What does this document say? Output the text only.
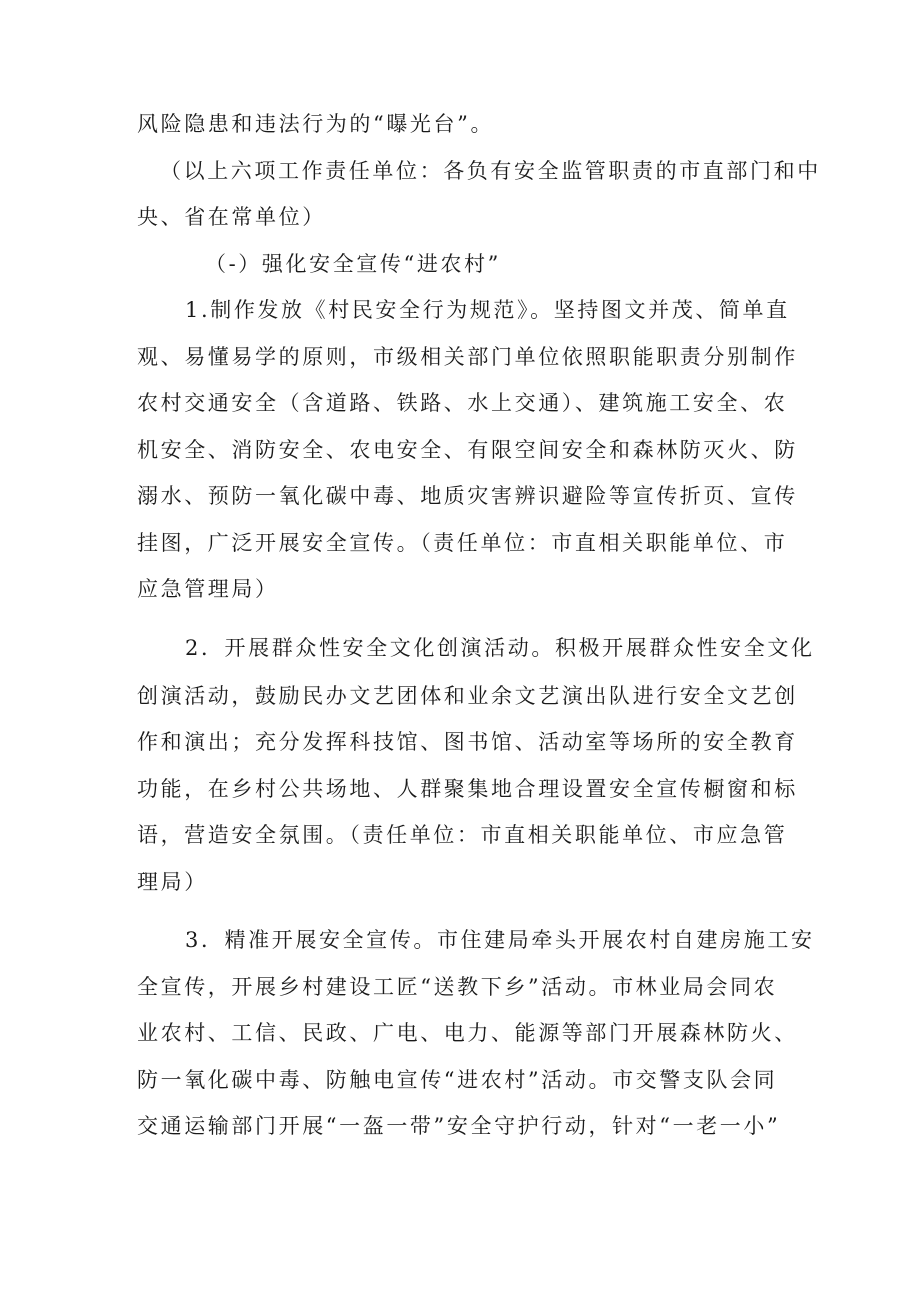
风险隐患和违法行为的“曝光台”。
（以上六项工作责任单位：各负有安全监管职责的市直部门和中
央、省在常单位）
（-）强化安全宣传“进农村”
1.制作发放《村民安全行为规范》。坚持图文并茂、简单直
观、易懂易学的原则，市级相关部门单位依照职能职责分别制作
农村交通安全（含道路、铁路、水上交通）、建筑施工安全、农
机安全、消防安全、农电安全、有限空间安全和森林防灭火、防
溺水、预防一氧化碳中毒、地质灾害辨识避险等宣传折页、宣传
挂图，广泛开展安全宣传。（责任单位：市直相关职能单位、市
应急管理局）
2．开展群众性安全文化创演活动。积极开展群众性安全文化
创演活动，鼓励民办文艺团体和业余文艺演出队进行安全文艺创
作和演出；充分发挥科技馆、图书馆、活动室等场所的安全教育
功能，在乡村公共场地、人群聚集地合理设置安全宣传橱窗和标
语，营造安全氛围。（责任单位：市直相关职能单位、市应急管
理局）
3．精准开展安全宣传。市住建局牵头开展农村自建房施工安
全宣传，开展乡村建设工匠“送教下乡”活动。市林业局会同农
业农村、工信、民政、广电、电力、能源等部门开展森林防火、
防一氧化碳中毒、防触电宣传“进农村”活动。市交警支队会同
交通运输部门开展“一盔一带”安全守护行动，针对“一老一小”
